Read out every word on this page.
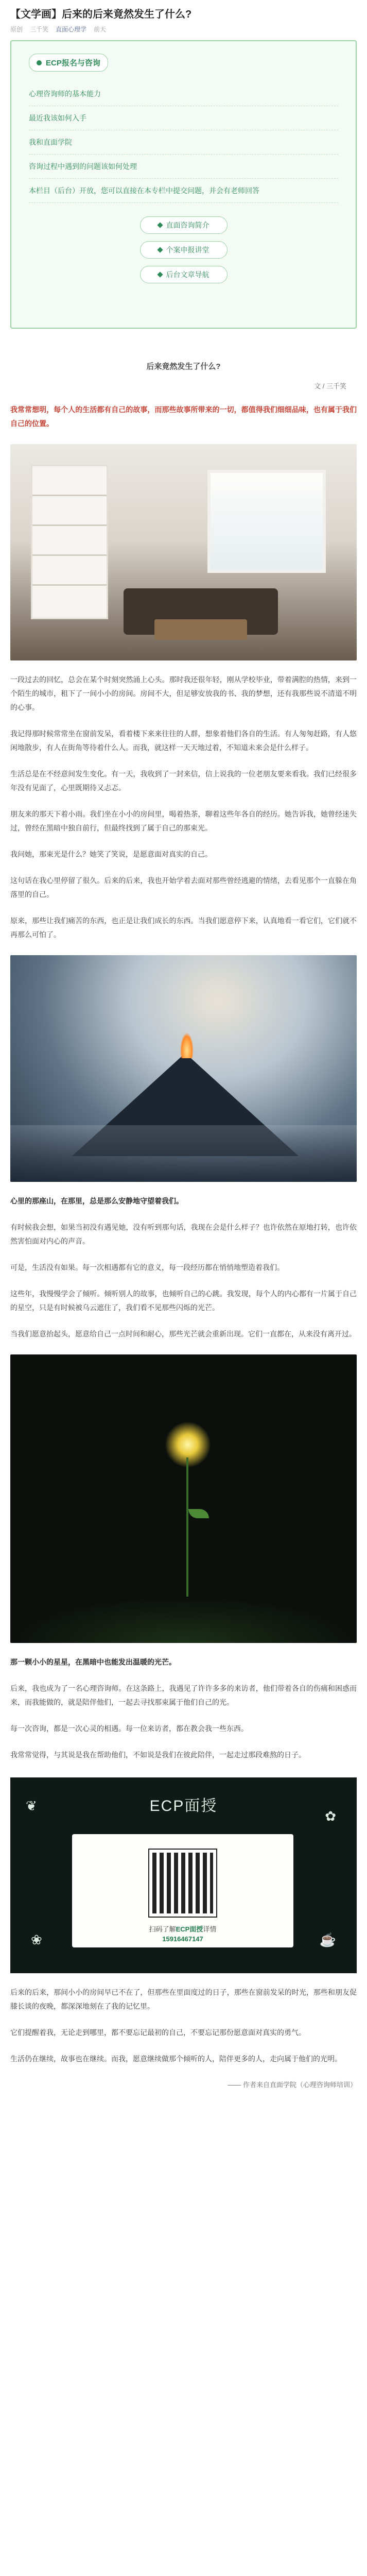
【文学画】后来的后来竟然发生了什么?
原创 三千笑 直面心理学 前天
ECP报名与咨询
心理咨询师的基本能力
最近我该如何入手
我和直面学院
咨询过程中遇到的问题该如何处理
本栏目（后台）开放，您可以直接在本专栏中提交问题，并会有老师回答
直面咨询简介
个案申报讲堂
后台文章导航

后来竟然发生了什么?

文 / 三千笑

我常常想明，每个人的生活都有自己的故事，而那些故事所带来的一切，都值得我们细细品味，也有属于我们自己的位置。

一段过去的回忆，总会在某个时刻突然涌上心头。那时我还很年轻，刚从学校毕业，带着满腔的热情，来到一个陌生的城市，租下了一间小小的房间。房间不大，但足够安放我的书、我的梦想，还有我那些说不清道不明的心事。

我记得那时候常常坐在窗前发呆，看着楼下来来往往的人群，想象着他们各自的生活。有人匆匆赶路，有人悠闲地散步，有人在街角等待着什么人。而我，就这样一天天地过着，不知道未来会是什么样子。

生活总是在不经意间发生变化。有一天，我收到了一封来信，信上说我的一位老朋友要来看我。我们已经很多年没有见面了，心里既期待又忐忑。

朋友来的那天下着小雨。我们坐在小小的房间里，喝着热茶，聊着这些年各自的经历。她告诉我，她曾经迷失过，曾经在黑暗中独自前行，但最终找到了属于自己的那束光。

我问她，那束光是什么？她笑了笑说，是愿意面对真实的自己。

这句话在我心里停留了很久。后来的后来，我也开始学着去面对那些曾经逃避的情绪，去看见那个一直躲在角落里的自己。

原来，那些让我们痛苦的东西，也正是让我们成长的东西。当我们愿意停下来，认真地看一看它们，它们就不再那么可怕了。

心里的那座山，在那里，总是那么安静地守望着我们。

有时候我会想，如果当初没有遇见她，没有听到那句话，我现在会是什么样子？也许依然在原地打转，也许依然害怕面对内心的声音。

可是，生活没有如果。每一次相遇都有它的意义，每一段经历都在悄悄地塑造着我们。

这些年，我慢慢学会了倾听。倾听别人的故事，也倾听自己的心跳。我发现，每个人的内心都有一片属于自己的星空，只是有时候被乌云遮住了，我们看不见那些闪烁的光芒。

当我们愿意抬起头，愿意给自己一点时间和耐心，那些光芒就会重新出现。它们一直都在，从来没有离开过。

那一颗小小的星星，在黑暗中也能发出温暖的光芒。

后来，我也成为了一名心理咨询师。在这条路上，我遇见了许许多多的来访者，他们带着各自的伤痛和困惑而来，而我能做的，就是陪伴他们，一起去寻找那束属于他们自己的光。

每一次咨询，都是一次心灵的相遇。每一位来访者，都在教会我一些东西。

我常常觉得，与其说是我在帮助他们，不如说是我们在彼此陪伴，一起走过那段难熬的日子。

ECP面授
❦
✿
❀	☕
扫码了解ECP面授详情
15916467147

后来的后来，那间小小的房间早已不在了，但那些在里面度过的日子，那些在窗前发呆的时光，那些和朋友促膝长谈的夜晚，都深深地刻在了我的记忆里。

它们提醒着我，无论走到哪里，都不要忘记最初的自己，不要忘记那份愿意面对真实的勇气。

生活仍在继续，故事也在继续。而我，愿意继续做那个倾听的人，陪伴更多的人，走向属于他们的光明。

—— 作者来自直面学院（心理咨询师培训）
